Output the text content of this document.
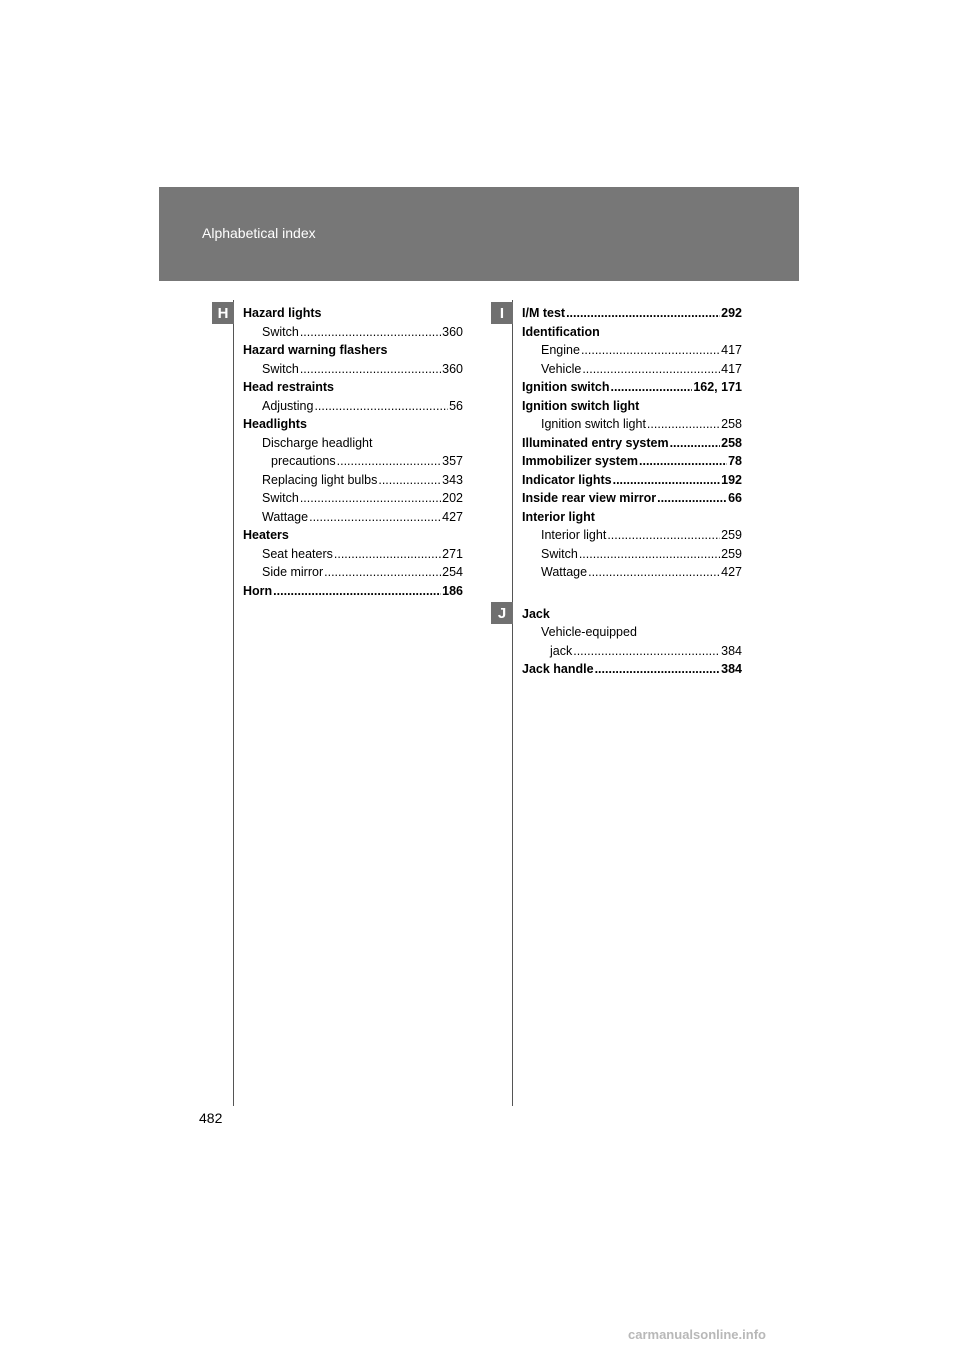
Alphabetical index
H	I
J
Hazard lights
Switch .....	360
Hazard warning flashers
Switch .....	360
Head restraints
Adjusting .....	56
Headlights
Discharge headlight
precautions .....	357
Replacing light bulbs .....	343
Switch .....	202
Wattage .....	427
Heaters
Seat heaters .....	271
Side mirror .....	254
Horn .....	186
I/M test .....	292
Identification
Engine .....	417
Vehicle .....	417
Ignition switch .....	162, 171
Ignition switch light
Ignition switch light .....	258
Illuminated entry system .....	258
Immobilizer system .....	78
Indicator lights .....	192
Inside rear view mirror .....	66
Interior light
Interior light .....	259
Switch .....	259
Wattage .....	427
Jack
Vehicle-equipped
jack .....	384
Jack handle .....	384
482
carmanualsonline.info
